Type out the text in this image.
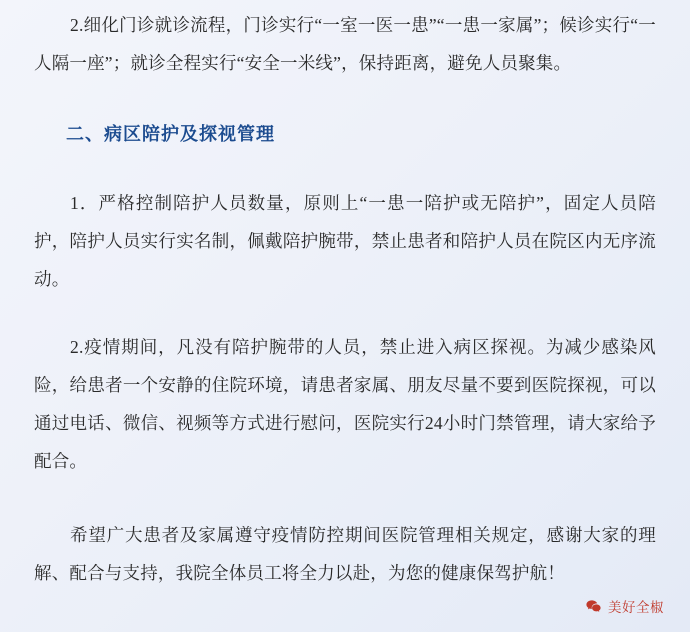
2.细化门诊就诊流程，门诊实行“一室一医一患”“一患一家属”；候诊实行“一人隔一座”；就诊全程实行“安全一米线”，保持距离，避免人员聚集。

二、病区陪护及探视管理

1．严格控制陪护人员数量，原则上“一患一陪护或无陪护”，固定人员陪护，陪护人员实行实名制，佩戴陪护腕带，禁止患者和陪护人员在院区内无序流动。

2.疫情期间，凡没有陪护腕带的人员，禁止进入病区探视。为减少感染风险，给患者一个安静的住院环境，请患者家属、朋友尽量不要到医院探视，可以通过电话、微信、视频等方式进行慰问，医院实行24小时门禁管理，请大家给予配合。

希望广大患者及家属遵守疫情防控期间医院管理相关规定，感谢大家的理解、配合与支持，我院全体员工将全力以赴，为您的健康保驾护航！

美好全椒
